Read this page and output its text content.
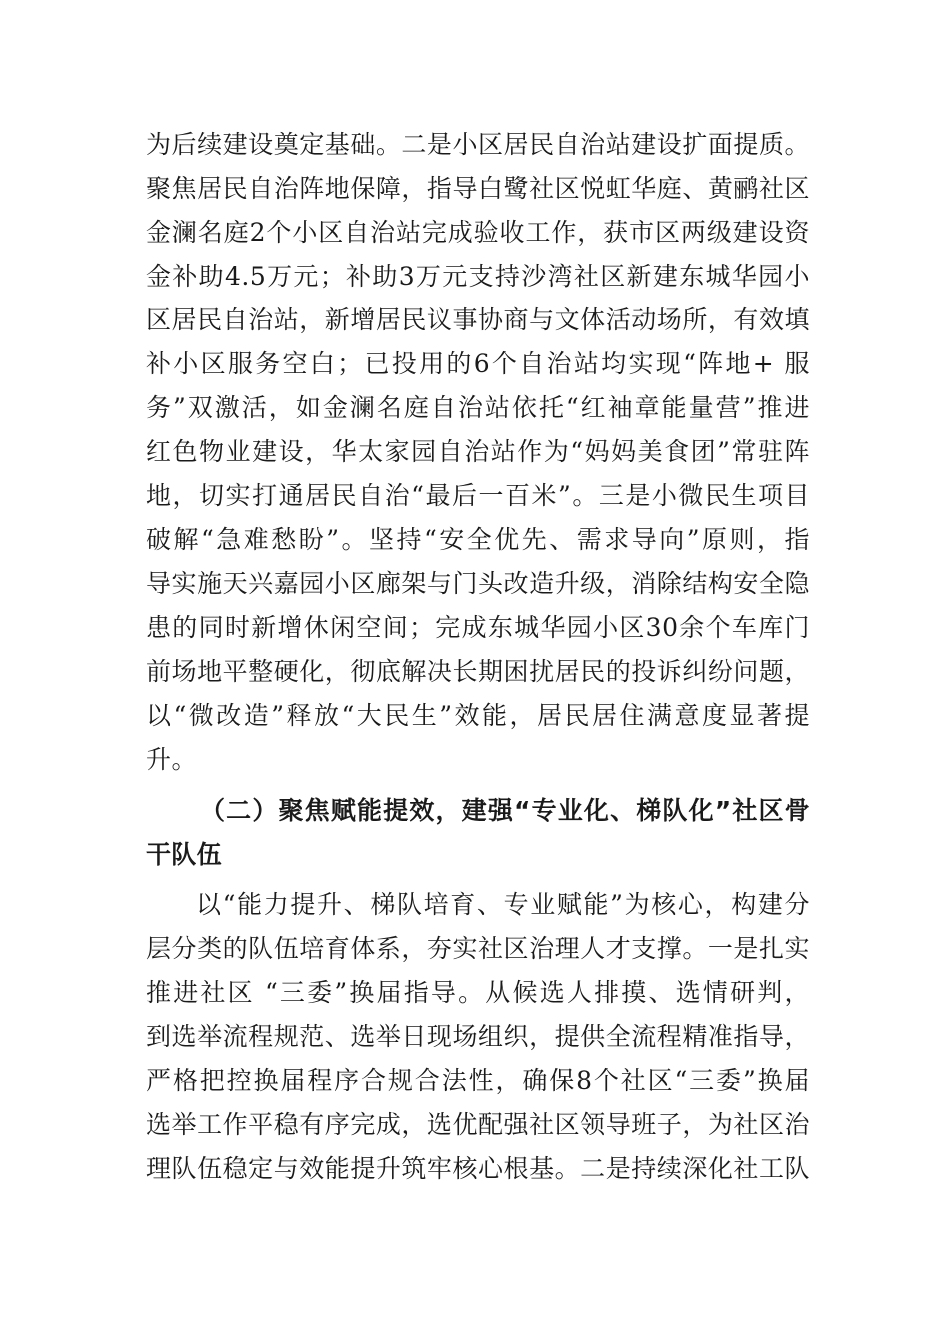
为后续建设奠定基础。二是小区居民自治站建设扩面提质。
聚焦居民自治阵地保障，指导白鹭社区悦虹华庭、黄鹂社区
金澜名庭2个小区自治站完成验收工作，获市区两级建设资
金补助4.5万元；补助3万元支持沙湾社区新建东城华园小
区居民自治站，新增居民议事协商与文体活动场所，有效填
补小区服务空白；已投用的6个自治站均实现“阵地+ 服
务”双激活，如金澜名庭自治站依托“红袖章能量营”推进
红色物业建设，华太家园自治站作为“妈妈美食团”常驻阵
地，切实打通居民自治“最后一百米”。三是小微民生项目
破解“急难愁盼”。坚持“安全优先、需求导向”原则，指
导实施天兴嘉园小区廊架与门头改造升级，消除结构安全隐
患的同时新增休闲空间；完成东城华园小区30余个车库门
前场地平整硬化，彻底解决长期困扰居民的投诉纠纷问题，
以“微改造”释放“大民生”效能，居民居住满意度显著提
升。
（二）聚焦赋能提效，建强“专业化、梯队化”社区骨
干队伍
以“能力提升、梯队培育、专业赋能”为核心，构建分
层分类的队伍培育体系，夯实社区治理人才支撑。一是扎实
推进社区 “三委”换届指导。从候选人排摸、选情研判，
到选举流程规范、选举日现场组织，提供全流程精准指导，
严格把控换届程序合规合法性，确保8个社区“三委”换届
选举工作平稳有序完成，选优配强社区领导班子，为社区治
理队伍稳定与效能提升筑牢核心根基。二是持续深化社工队
